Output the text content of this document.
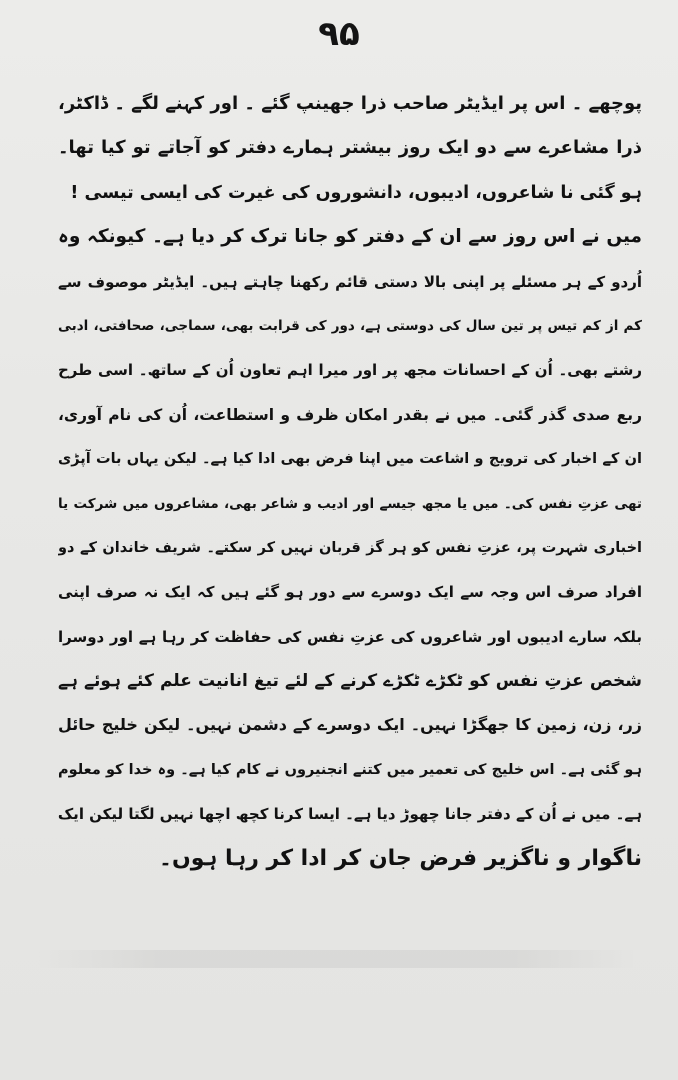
۹۵
پوچھے ۔ اس پر ایڈیٹر صاحب ذرا جھینپ گئے ۔ اور کہنے لگے ۔ ڈاکٹر،
ذرا مشاعرے سے دو ایک روز بیشتر ہمارے دفتر کو آجاتے تو کیا تھا۔
ہو گئی نا شاعروں، ادیبوں، دانشوروں کی غیرت کی ایسی تیسی !
میں نے اس روز سے ان کے دفتر کو جانا ترک کر دیا ہے۔ کیونکہ وہ
اُردو کے ہر مسئلے پر اپنی بالا دستی قائم رکھنا چاہتے ہیں۔ ایڈیٹر موصوف سے
کم از کم تیس پر تین سال کی دوستی ہے، دور کی قرابت بھی، سماجی، صحافتی، ادبی
رشتے بھی۔ اُن کے احسانات مجھ پر اور میرا اہم تعاون اُن کے ساتھ۔ اسی طرح
ربع صدی گذر گئی۔ میں نے بقدر امکان ظرف و استطاعت، اُن کی نام آوری،
ان کے اخبار کی ترویج و اشاعت میں اپنا فرض بھی ادا کیا ہے۔ لیکن یہاں بات آپڑی
تھی عزتِ نفس کی۔ میں یا مجھ جیسے اور ادیب و شاعر بھی، مشاعروں میں شرکت یا
اخباری شہرت پر، عزتِ نفس کو ہر گز قربان نہیں کر سکتے۔ شریف خاندان کے دو
افراد صرف اس وجہ سے ایک دوسرے سے دور ہو گئے ہیں کہ ایک نہ صرف اپنی
بلکہ سارے ادیبوں اور شاعروں کی عزتِ نفس کی حفاظت کر رہا ہے اور دوسرا
شخص عزتِ نفس کو ٹکڑے ٹکڑے کرنے کے لئے تیغ انانیت علم کئے ہوئے ہے
زر، زن، زمین کا جھگڑا نہیں۔ ایک دوسرے کے دشمن نہیں۔ لیکن خلیج حائل
ہو گئی ہے۔ اس خلیج کی تعمیر میں کتنے انجنیروں نے کام کیا ہے۔ وہ خدا کو معلوم
ہے۔ میں نے اُن کے دفتر جانا چھوڑ دیا ہے۔ ایسا کرنا کچھ اچھا نہیں لگتا لیکن ایک
ناگوار و ناگزیر فرض جان کر ادا کر رہا ہوں۔
